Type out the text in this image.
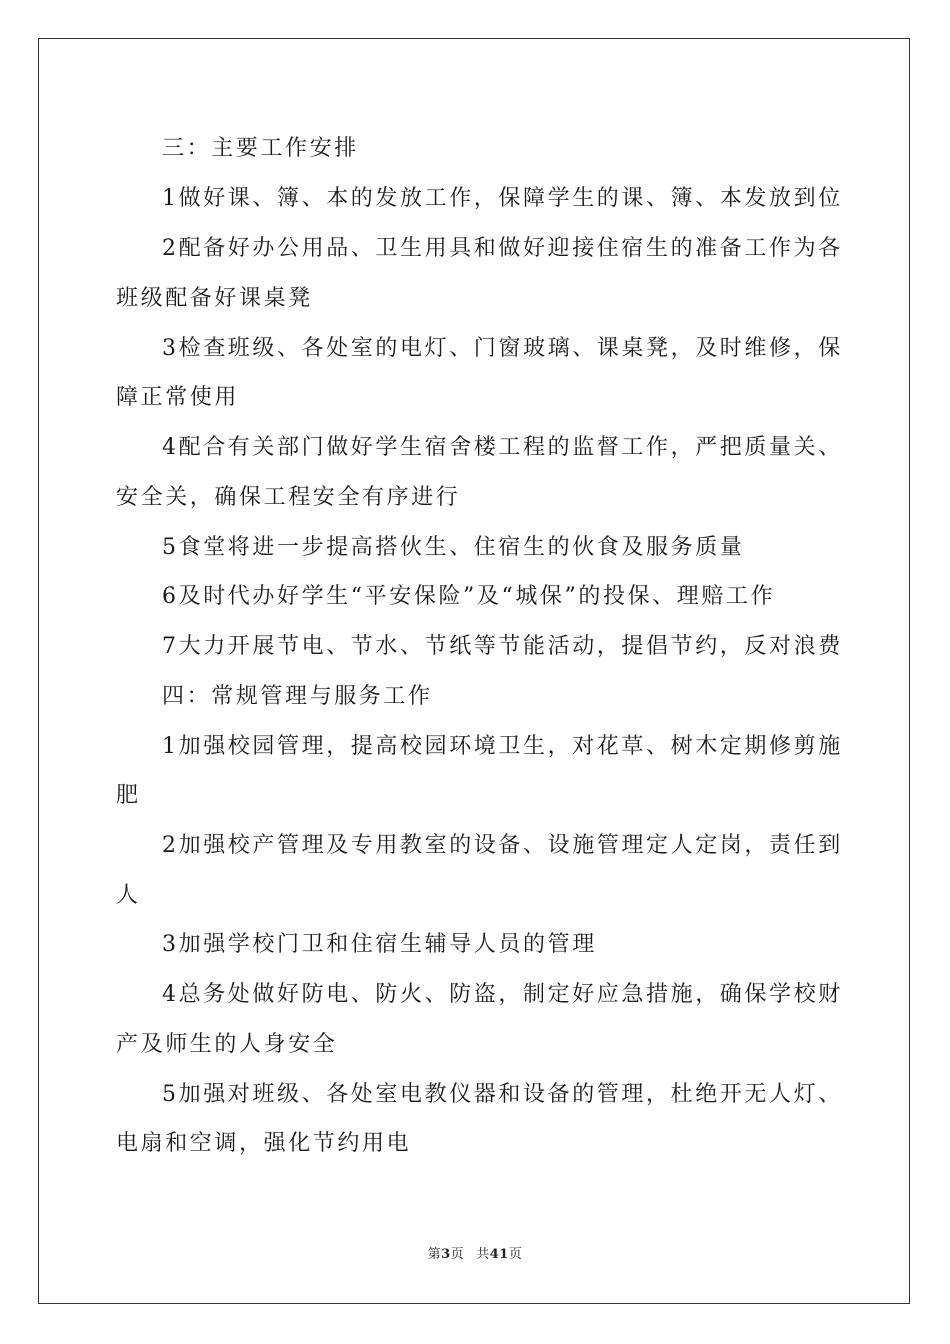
三：主要工作安排
1做好课、簿、本的发放工作，保障学生的课、簿、本发放到位
2配备好办公用品、卫生用具和做好迎接住宿生的准备工作为各
班级配备好课桌凳
3检查班级、各处室的电灯、门窗玻璃、课桌凳，及时维修，保
障正常使用
4配合有关部门做好学生宿舍楼工程的监督工作，严把质量关、
安全关，确保工程安全有序进行
5食堂将进一步提高搭伙生、住宿生的伙食及服务质量
6及时代办好学生“平安保险”及“城保”的投保、理赔工作
7大力开展节电、节水、节纸等节能活动，提倡节约，反对浪费
四：常规管理与服务工作
1加强校园管理，提高校园环境卫生，对花草、树木定期修剪施
肥
2加强校产管理及专用教室的设备、设施管理定人定岗，责任到
人
3加强学校门卫和住宿生辅导人员的管理
4总务处做好防电、防火、防盗，制定好应急措施，确保学校财
产及师生的人身安全
5加强对班级、各处室电教仪器和设备的管理，杜绝开无人灯、
电扇和空调，强化节约用电
第3页 共41页
